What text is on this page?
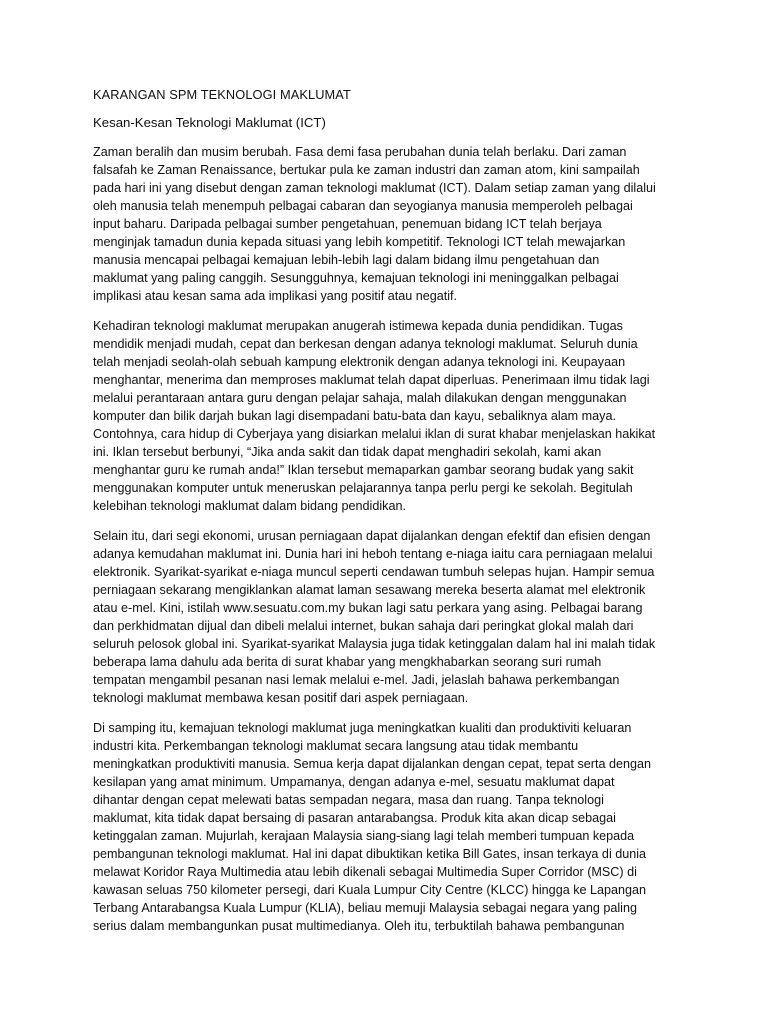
KARANGAN SPM TEKNOLOGI MAKLUMAT
Kesan-Kesan Teknologi Maklumat (ICT)
Zaman beralih dan musim berubah. Fasa demi fasa perubahan dunia telah berlaku. Dari zaman
falsafah ke Zaman Renaissance, bertukar pula ke zaman industri dan zaman atom, kini sampailah
pada hari ini yang disebut dengan zaman teknologi maklumat (ICT). Dalam setiap zaman yang dilalui
oleh manusia telah menempuh pelbagai cabaran dan seyogianya manusia memperoleh pelbagai
input baharu. Daripada pelbagai sumber pengetahuan, penemuan bidang ICT telah berjaya
menginjak tamadun dunia kepada situasi yang lebih kompetitif. Teknologi ICT telah mewajarkan
manusia mencapai pelbagai kemajuan lebih-lebih lagi dalam bidang ilmu pengetahuan dan
maklumat yang paling canggih. Sesungguhnya, kemajuan teknologi ini meninggalkan pelbagai
implikasi atau kesan sama ada implikasi yang positif atau negatif.
Kehadiran teknologi maklumat merupakan anugerah istimewa kepada dunia pendidikan. Tugas
mendidik menjadi mudah, cepat dan berkesan dengan adanya teknologi maklumat. Seluruh dunia
telah menjadi seolah-olah sebuah kampung elektronik dengan adanya teknologi ini. Keupayaan
menghantar, menerima dan memproses maklumat telah dapat diperluas. Penerimaan ilmu tidak lagi
melalui perantaraan antara guru dengan pelajar sahaja, malah dilakukan dengan menggunakan
komputer dan bilik darjah bukan lagi disempadani batu-bata dan kayu, sebaliknya alam maya.
Contohnya, cara hidup di Cyberjaya yang disiarkan melalui iklan di surat khabar menjelaskan hakikat
ini. Iklan tersebut berbunyi, “Jika anda sakit dan tidak dapat menghadiri sekolah, kami akan
menghantar guru ke rumah anda!” Iklan tersebut memaparkan gambar seorang budak yang sakit
menggunakan komputer untuk meneruskan pelajarannya tanpa perlu pergi ke sekolah. Begitulah
kelebihan teknologi maklumat dalam bidang pendidikan.
Selain itu, dari segi ekonomi, urusan perniagaan dapat dijalankan dengan efektif dan efisien dengan
adanya kemudahan maklumat ini. Dunia hari ini heboh tentang e-niaga iaitu cara perniagaan melalui
elektronik. Syarikat-syarikat e-niaga muncul seperti cendawan tumbuh selepas hujan. Hampir semua
perniagaan sekarang mengiklankan alamat laman sesawang mereka beserta alamat mel elektronik
atau e-mel. Kini, istilah www.sesuatu.com.my bukan lagi satu perkara yang asing. Pelbagai barang
dan perkhidmatan dijual dan dibeli melalui internet, bukan sahaja dari peringkat glokal malah dari
seluruh pelosok global ini. Syarikat-syarikat Malaysia juga tidak ketinggalan dalam hal ini malah tidak
beberapa lama dahulu ada berita di surat khabar yang mengkhabarkan seorang suri rumah
tempatan mengambil pesanan nasi lemak melalui e-mel. Jadi, jelaslah bahawa perkembangan
teknologi maklumat membawa kesan positif dari aspek perniagaan.
Di samping itu, kemajuan teknologi maklumat juga meningkatkan kualiti dan produktiviti keluaran
industri kita. Perkembangan teknologi maklumat secara langsung atau tidak membantu
meningkatkan produktiviti manusia. Semua kerja dapat dijalankan dengan cepat, tepat serta dengan
kesilapan yang amat minimum. Umpamanya, dengan adanya e-mel, sesuatu maklumat dapat
dihantar dengan cepat melewati batas sempadan negara, masa dan ruang. Tanpa teknologi
maklumat, kita tidak dapat bersaing di pasaran antarabangsa. Produk kita akan dicap sebagai
ketinggalan zaman. Mujurlah, kerajaan Malaysia siang-siang lagi telah memberi tumpuan kepada
pembangunan teknologi maklumat. Hal ini dapat dibuktikan ketika Bill Gates, insan terkaya di dunia
melawat Koridor Raya Multimedia atau lebih dikenali sebagai Multimedia Super Corridor (MSC) di
kawasan seluas 750 kilometer persegi, dari Kuala Lumpur City Centre (KLCC) hingga ke Lapangan
Terbang Antarabangsa Kuala Lumpur (KLIA), beliau memuji Malaysia sebagai negara yang paling
serius dalam membangunkan pusat multimedianya. Oleh itu, terbuktilah bahawa pembangunan
